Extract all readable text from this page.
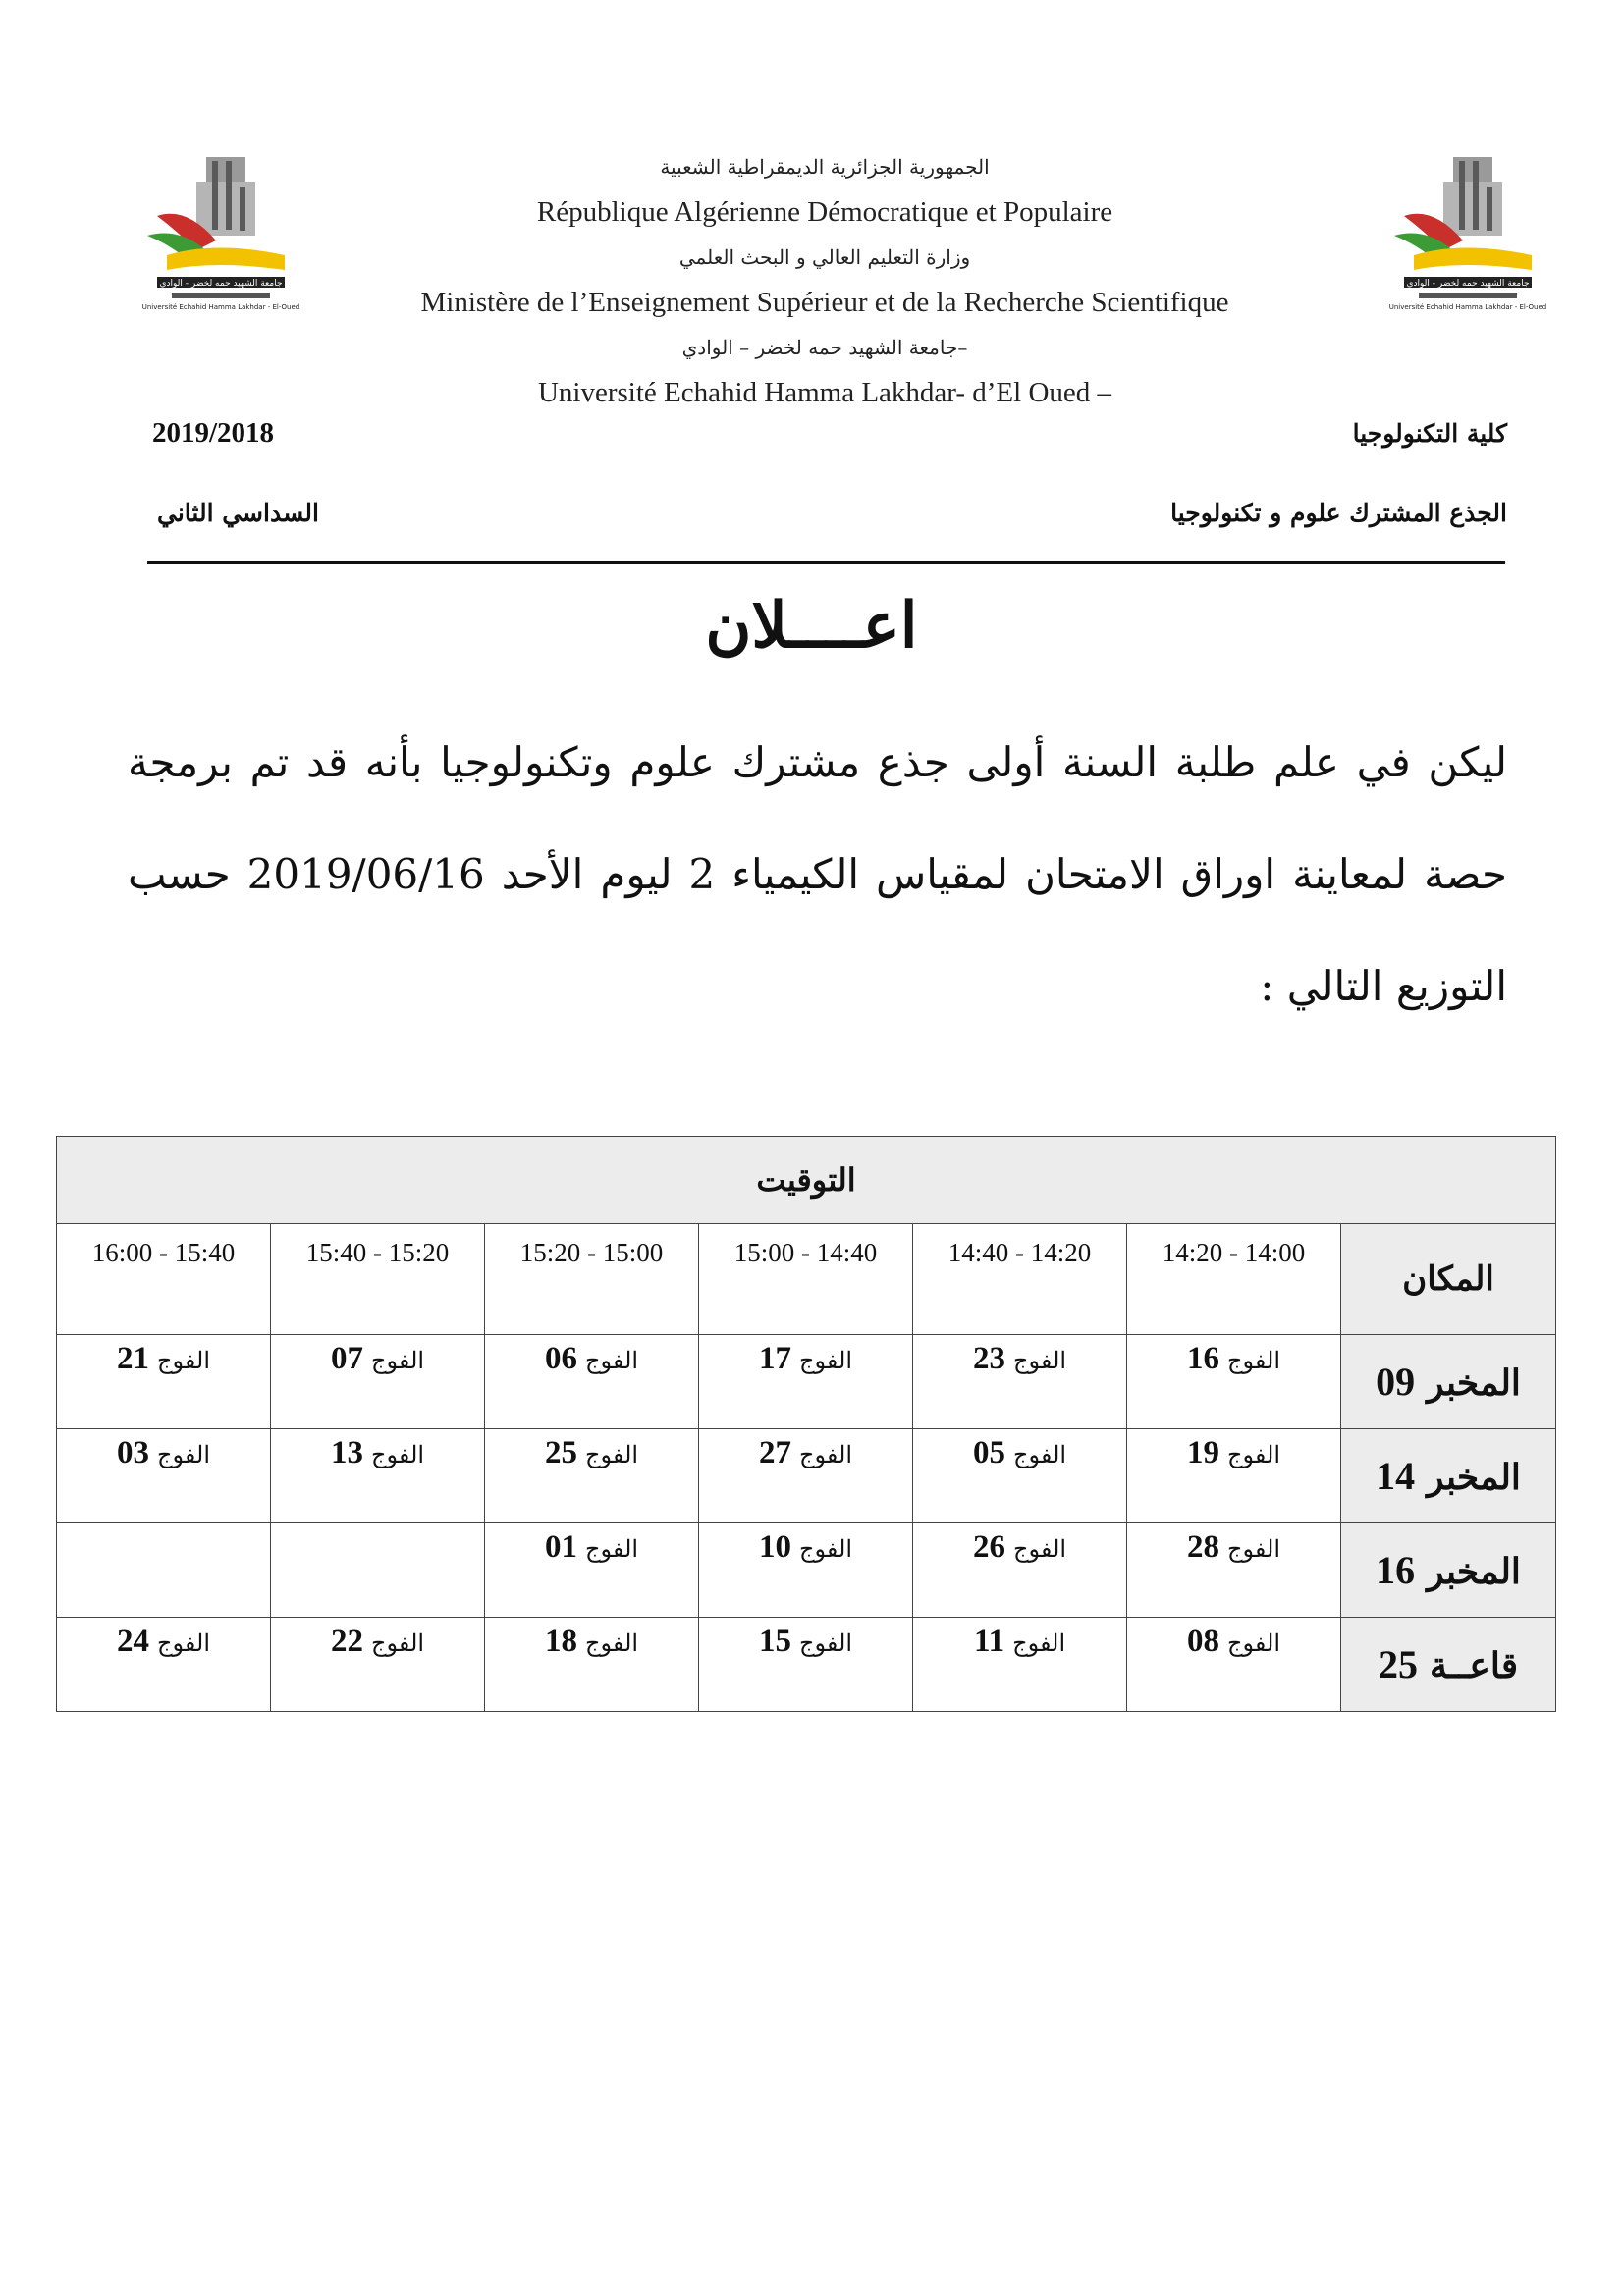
جامعة الشهيد حمه لخضر - الوادي
Université Echahid Hamma Lakhdar - El-Oued
جامعة الشهيد حمه لخضر - الوادي
Université Echahid Hamma Lakhdar - El-Oued
الجمهورية الجزائرية الديمقراطية الشعبية
République Algérienne Démocratique et Populaire
وزارة التعليم العالي و البحث العلمي
Ministère de l’Enseignement Supérieur et de la Recherche Scientifique
جامعة الشهيد حمه لخضر – الوادي–
Université Echahid Hamma Lakhdar- d’El Oued –
2019/2018
السداسي الثاني
كلية التكنولوجيا
الجذع المشترك علوم و تكنولوجيا
اعــــلان
ليكن في علم طلبة السنة أولى جذع مشترك علوم وتكنولوجيا بأنه قد تم برمجة حصة لمعاينة اوراق الامتحان لمقياس الكيمياء 2 ليوم الأحد 2019/06/16 حسب التوزيع التالي :
التوقيت						
المكان	14:20 - 14:00	14:40 - 14:20	15:00 - 14:40	15:20 - 15:00	15:40 - 15:20	16:00 - 15:40
المخبر09	الفوج16	الفوج23	الفوج17	الفوج06	الفوج07	الفوج21
المخبر14	الفوج19	الفوج05	الفوج27	الفوج25	الفوج13	الفوج03
المخبر16	الفوج28	الفوج26	الفوج10	الفوج01		
قاعــة25	الفوج08	الفوج11	الفوج15	الفوج18	الفوج22	الفوج24
